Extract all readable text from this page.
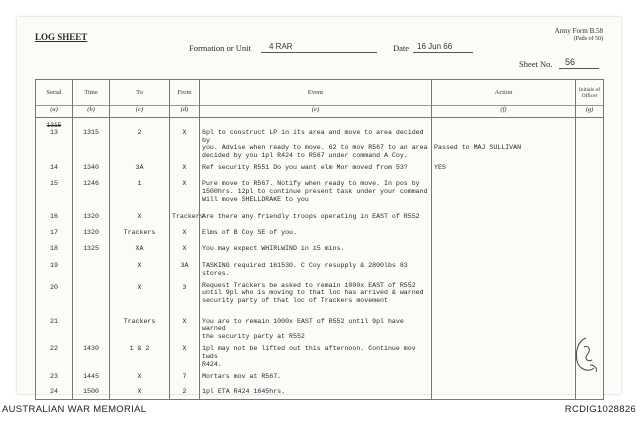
LOG SHEET
Army Form B.58
(Pads of 50)
Formation or Unit 4 RAR	Date 16 Jun 66
Sheet No. 56
Serial	Time	To	From	Event	Action	Initials of Officer
(a)	(b)	(c)	(d)	(e)	(f)	(g)

1315
13	1315	2	X	6pl to construct LP in its area and move to area decided by
you. Advise when ready to move. 62 to mov R567 to an area
decided by you 1pl R424 to R567 under command A Coy.	Passed to MAJ SULLIVAN	
14	1340	3A	X	Ref security R551 Do you want elm Mor moved from 53?	YES	
15	1246	1	X	Pure move to R567. Notify when ready to move. In pos by
1500hrs. 12pl to continue present task under your command
Will move SHELLDRAKE to you		
16	1320	X	Trackers	Are there any friendly troops operating in EAST of R552		
17	1320	Trackers	X	Elms of B Coy SE of you.		
18	1325	XA	X	You may expect WHIRLWIND in 15 mins.		
19		X	3A	TASKING required 161530. C Coy resupply & 2800lbs 83 stores.		
20		X	3	Request Trackers be asked to remain 1000x EAST of R552
until 9pl who is moving to that loc has arrived & warned
security party of that loc of Trackers movement		
21		Trackers	X	You are to remain 1000x EAST of R552 until 9pl have warned
the security party at R552		
22	1430	1 & 2	X	1pl may not be lifted out this afternoon. Continue mov twds
R424.		
23	1445	X	7	Mortars mov at R567.		
24	1500	X	2	1pl ETA R424 1645hrs.		
AUSTRALIAN WAR MEMORIAL	RCDIG1028826
